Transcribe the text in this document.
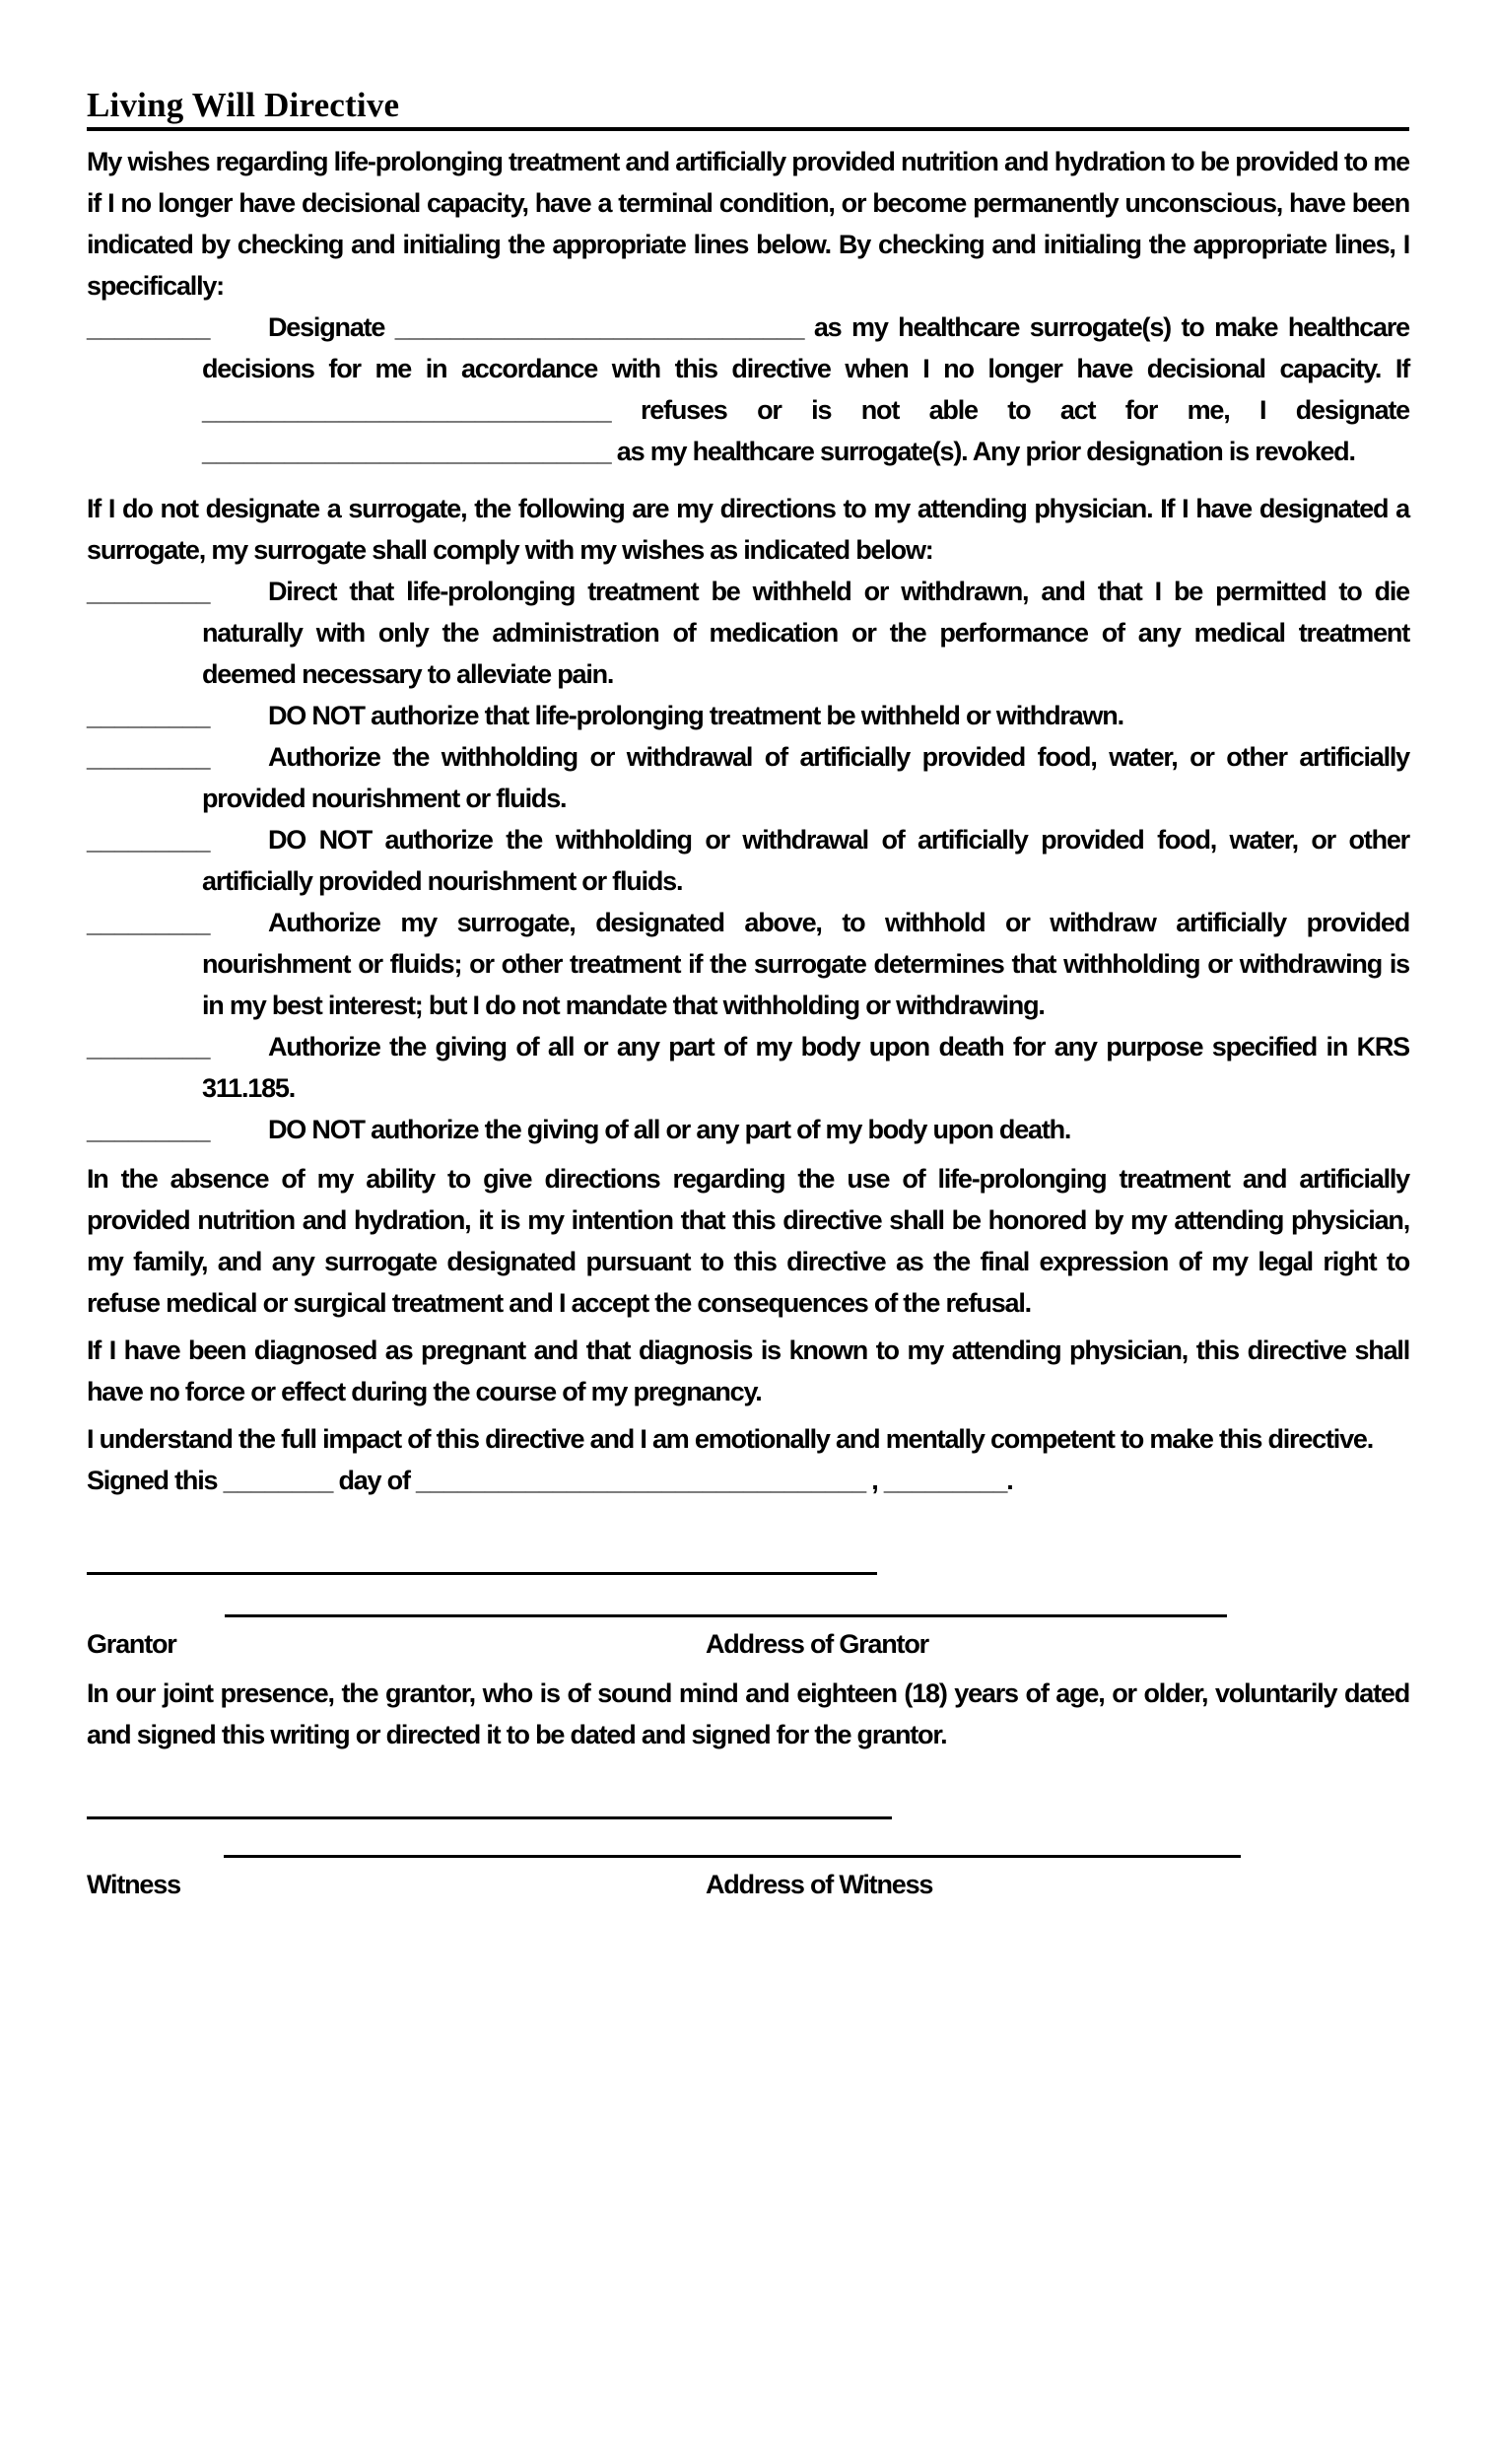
Living Will Directive

My wishes regarding life-prolonging treatment and artificially provided nutrition and hydration to be provided to me if I no longer have decisional capacity, have a terminal condition, or become permanently unconscious, have been indicated by checking and initialing the appropriate lines below. By checking and initialing the appropriate lines, I specifically:

_________	Designate ______________________________ as my healthcare surrogate(s) to make healthcare decisions for me in accordance with this directive when I no longer have decisional capacity. If ______________________________ refuses or is not able to act for me, I designate ______________________________ as my healthcare surrogate(s). Any prior designation is revoked.

If I do not designate a surrogate, the following are my directions to my attending physician. If I have designated a surrogate, my surrogate shall comply with my wishes as indicated below:

_________	Direct that life-prolonging treatment be withheld or withdrawn, and that I be permitted to die naturally with only the administration of medication or the performance of any medical treatment deemed necessary to alleviate pain.

_________	DO NOT authorize that life-prolonging treatment be withheld or withdrawn.

_________	Authorize the withholding or withdrawal of artificially provided food, water, or other artificially provided nourishment or fluids.

_________	DO NOT authorize the withholding or withdrawal of artificially provided food, water, or other artificially provided nourishment or fluids.

_________	Authorize my surrogate, designated above, to withhold or withdraw artificially provided nourishment or fluids; or other treatment if the surrogate determines that withholding or withdrawing is in my best interest; but I do not mandate that withholding or withdrawing.

_________	Authorize the giving of all or any part of my body upon death for any purpose specified in KRS 311.185.

_________	DO NOT authorize the giving of all or any part of my body upon death.

In the absence of my ability to give directions regarding the use of life-prolonging treatment and artificially provided nutrition and hydration, it is my intention that this directive shall be honored by my attending physician, my family, and any surrogate designated pursuant to this directive as the final expression of my legal right to refuse medical or surgical treatment and I accept the consequences of the refusal.

If I have been diagnosed as pregnant and that diagnosis is known to my attending physician, this directive shall have no force or effect during the course of my pregnancy.

I understand the full impact of this directive and I am emotionally and mentally competent to make this directive.

Signed this ________ day of _________________________________ , _________.

Grantor	Address of Grantor

In our joint presence, the grantor, who is of sound mind and eighteen (18) years of age, or older, voluntarily dated and signed this writing or directed it to be dated and signed for the grantor.

Witness	Address of Witness
